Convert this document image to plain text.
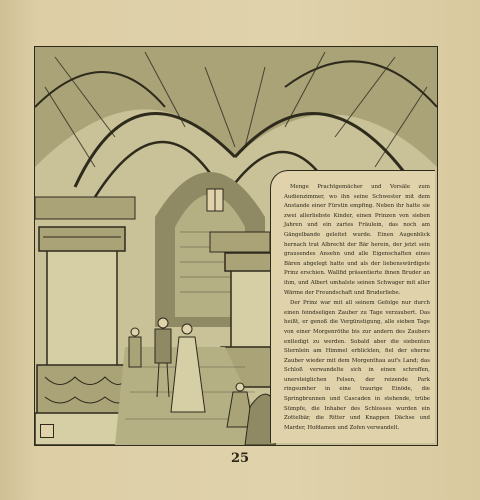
Menge Prachtgemächer und Vorsäle zum Audienzimmer, wo ihn seine Schwester mit dem Anstande einer Fürstin empfing. Neben ihr hatte sie zwei allerliebste Kinder, einen Prinzen von sieben Jahren und ein zartes Fräulein, das noch am Gängelbande geleitet wurde. Einen Augenblick hernach trat Albrecht der Bär herein, der jetzt sein grausendes Ansehn und alle Eigenschaften eines Bären abgelegt hatte und als der liebenswürdigste Prinz erschien. Wallfid präsentierte ihnen Bruder an ihm, und Albert umhalste seinen Schwager mit aller Wärme der Freundschaft und Bruderliebe.

Der Prinz war mit all seinem Gefolge nur durch einen feindseligen Zauber zu Tage verzaubert. Das heißt, er genoß die Vergünstigung, alle sieben Tage von einer Morgenröthe bis zur andern des Zaubers entledigt zu werden. Sobald aber die siebenten Sternlein am Himmel erblickten, fiel der eherne Zauber wieder mit dem Morgenthau auf's Land; das Schloß verwandelte sich in einen schroffen, unersteiglichen Felsen, der reizende Park ringsumher in eine traurige Einöde, die Springbrunnen und Cascaden in stehende, trübe Sümpfe, die Inhaber des Schlosses wurden ein Zottelbär, die Ritter und Knappen Dächse und Marder, Hofdamen und Zofen verwandelt.

25
